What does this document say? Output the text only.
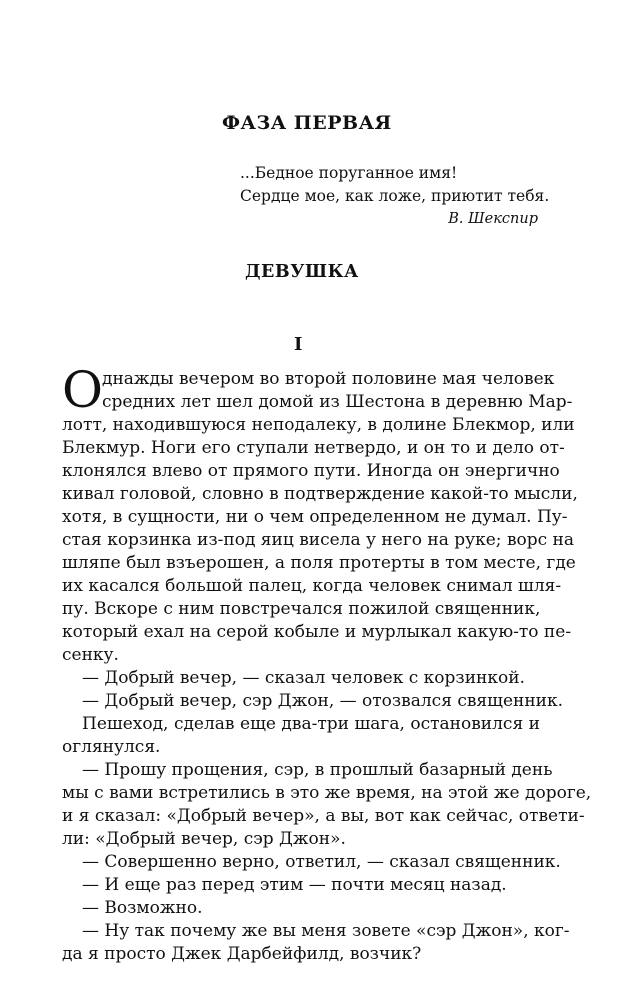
ФАЗА ПЕРВАЯ
...Бедное поруганное имя!
Сердце мое, как ложе, приютит тебя.
В. Шекспир
ДЕВУШКА
I
О днажды вечером во второй половине мая человек
средних лет шел домой из Шестона в деревню Мар-
лотт, находившуюся неподалеку, в долине Блекмор, или
Блекмур. Ноги его ступали нетвердо, и он то и дело от-
клонялся влево от прямого пути. Иногда он энергично
кивал головой, словно в подтверждение какой-то мысли,
хотя, в сущности, ни о чем определенном не думал. Пу-
стая корзинка из-под яиц висела у него на руке; ворс на
шляпе был взъерошен, а поля протерты в том месте, где
их касался большой палец, когда человек снимал шля-
пу. Вскоре с ним повстречался пожилой священник,
который ехал на серой кобыле и мурлыкал какую-то пе-
сенку.
— Добрый вечер, — сказал человек с корзинкой.
— Добрый вечер, сэр Джон, — отозвался священник.
Пешеход, сделав еще два-три шага, остановился и
оглянулся.
— Прошу прощения, сэр, в прошлый базарный день
мы с вами встретились в это же время, на этой же дороге,
и я сказал: «Добрый вечер», а вы, вот как сейчас, ответи-
ли: «Добрый вечер, сэр Джон».
— Совершенно верно, ответил, — сказал священник.
— И еще раз перед этим — почти месяц назад.
— Возможно.
— Ну так почему же вы меня зовете «сэр Джон», ког-
да я просто Джек Дарбейфилд, возчик?
